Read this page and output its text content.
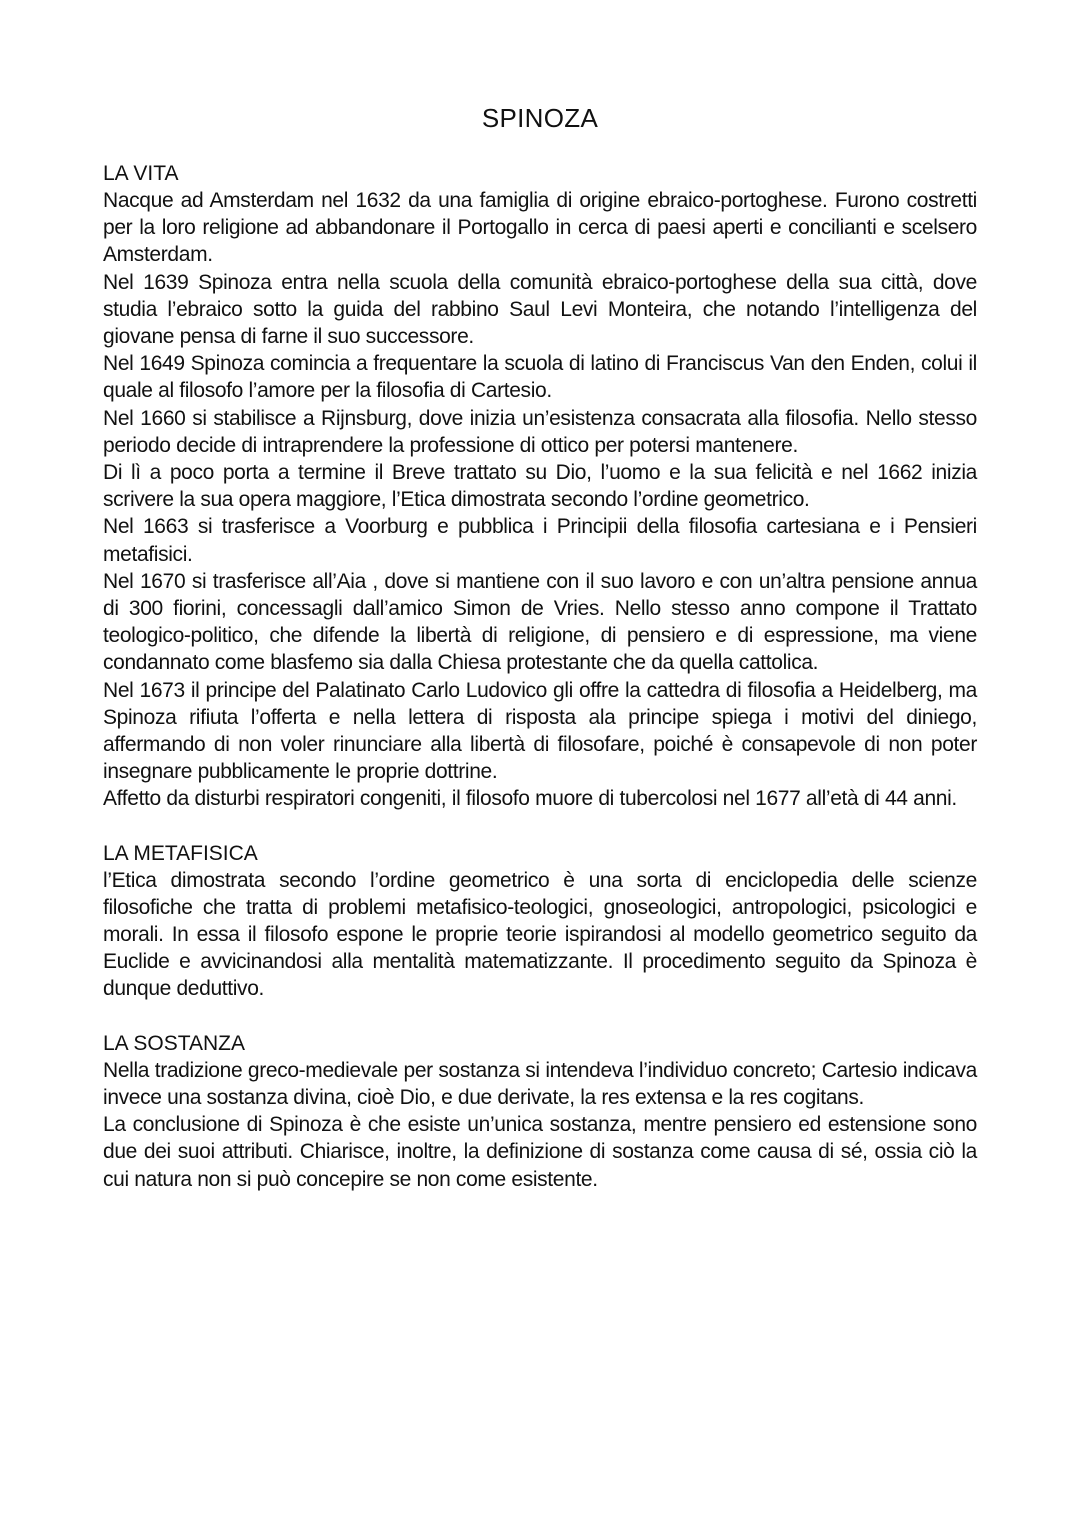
SPINOZA
LA VITA

Nacque ad Amsterdam nel 1632 da una famiglia di origine ebraico-portoghese. Furono costretti per la loro religione ad abbandonare il Portogallo in cerca di paesi aperti e concilianti e scelsero Amsterdam.

Nel 1639 Spinoza entra nella scuola della comunità ebraico-portoghese della sua città, dove studia l’ebraico sotto la guida del rabbino Saul Levi Monteira, che notando l’intelligenza del giovane pensa di farne il suo successore.

Nel 1649 Spinoza comincia a frequentare la scuola di latino di Franciscus Van den Enden, colui il quale al filosofo l’amore per la filosofia di Cartesio.

Nel 1660 si stabilisce a Rijnsburg, dove inizia un’esistenza consacrata alla filosofia. Nello stesso periodo decide di intraprendere la professione di ottico per potersi mantenere.

Di lì a poco porta a termine il Breve trattato su Dio, l’uomo e la sua felicità e nel 1662 inizia scrivere la sua opera maggiore, l’Etica dimostrata secondo l’ordine geometrico.

Nel 1663 si trasferisce a Voorburg e pubblica i Principii della filosofia cartesiana e i Pensieri metafisici.

Nel 1670 si trasferisce all’Aia , dove si mantiene con il suo lavoro e con un’altra pensione annua di 300 fiorini, concessagli dall’amico Simon de Vries. Nello stesso anno compone il Trattato teologico-politico, che difende la libertà di religione, di pensiero e di espressione, ma viene condannato come blasfemo sia dalla Chiesa protestante che da quella cattolica.

Nel 1673 il principe del Palatinato Carlo Ludovico gli offre la cattedra di filosofia a Heidelberg, ma Spinoza rifiuta l’offerta e nella lettera di risposta ala principe spiega i motivi del diniego, affermando di non voler rinunciare alla libertà di filosofare, poiché è consapevole di non poter insegnare pubblicamente le proprie dottrine.

Affetto da disturbi respiratori congeniti, il filosofo muore di tubercolosi nel 1677 all’età di 44 anni.

LA METAFISICA

l’Etica dimostrata secondo l’ordine geometrico è una sorta di enciclopedia delle scienze filosofiche che tratta di problemi metafisico-teologici, gnoseologici, antropologici, psicologici e morali. In essa il filosofo espone le proprie teorie ispirandosi al modello geometrico seguito da Euclide e avvicinandosi alla mentalità matematizzante. Il procedimento seguito da Spinoza è dunque deduttivo.

LA SOSTANZA

Nella tradizione greco-medievale per sostanza si intendeva l’individuo concreto; Cartesio indicava invece una sostanza divina, cioè Dio, e due derivate, la res extensa e la res cogitans.

La conclusione di Spinoza è che esiste un’unica sostanza, mentre pensiero ed estensione sono due dei suoi attributi. Chiarisce, inoltre, la definizione di sostanza come causa di sé, ossia ciò la cui natura non si può concepire se non come esistente.
